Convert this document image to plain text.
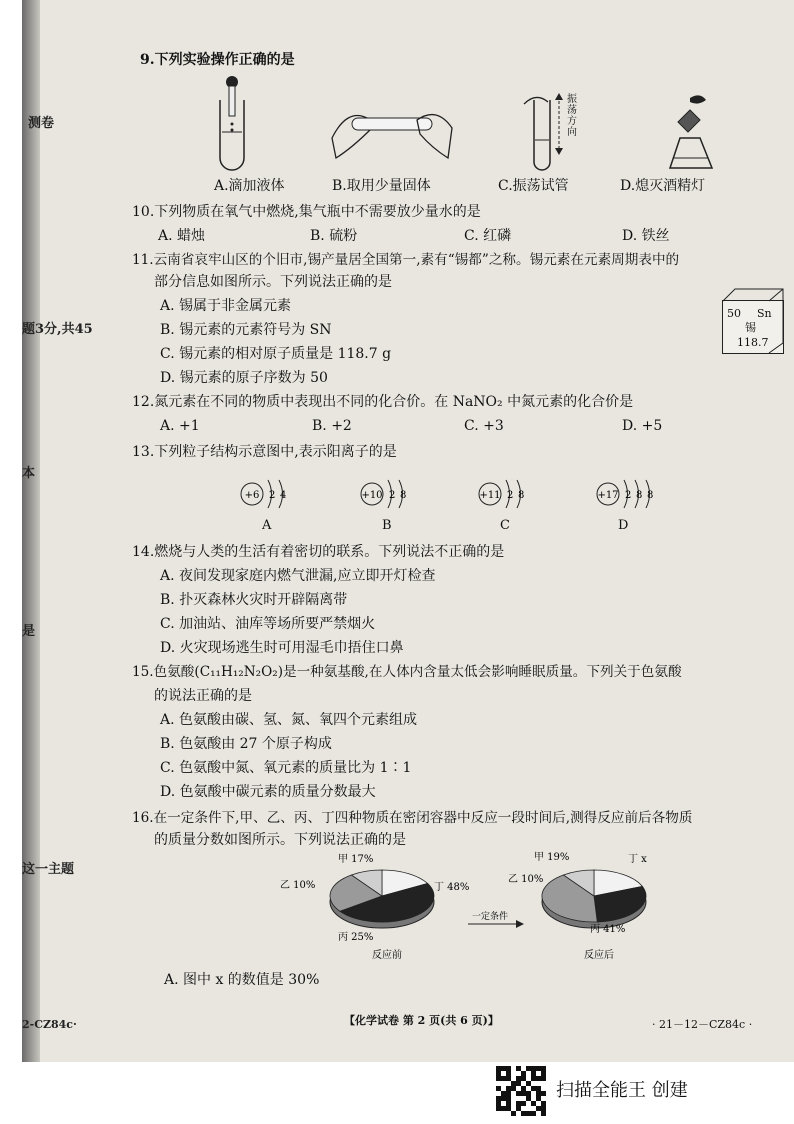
测卷
题3分,共45
本
是
这一主题
2-CZ84c·
9.下列实验操作正确的是
振荡方向
A.滴加液体	B.取用少量固体	C.振荡试管	D.熄灭酒精灯
10.下列物质在氧气中燃烧,集气瓶中不需要放少量水的是
A. 蜡烛	B. 硫粉	C. 红磷	D. 铁丝
11.云南省哀牢山区的个旧市,锡产量居全国第一,素有“锡都”之称。锡元素在元素周期表中的
部分信息如图所示。下列说法正确的是
A. 锡属于非金属元素
B. 锡元素的元素符号为 SN
C. 锡元素的相对原子质量是 118.7 g
D. 锡元素的原子序数为 50
50 Sn
锡
118.7
12.氮元素在不同的物质中表现出不同的化合价。在 NaNO₂ 中氮元素的化合价是
A. +1	B. +2	C. +3	D. +5
13.下列粒子结构示意图中,表示阳离子的是
+6 2 4
A
+10 2 8
B
+11 2 8
C
+17 2 8 8
D
14.燃烧与人类的生活有着密切的联系。下列说法不正确的是
A. 夜间发现家庭内燃气泄漏,应立即开灯检查
B. 扑灭森林火灾时开辟隔离带
C. 加油站、油库等场所要严禁烟火
D. 火灾现场逃生时可用湿毛巾捂住口鼻
15.色氨酸(C₁₁H₁₂N₂O₂)是一种氨基酸,在人体内含量太低会影响睡眠质量。下列关于色氨酸
的说法正确的是
A. 色氨酸由碳、氢、氮、氧四个元素组成
B. 色氨酸由 27 个原子构成
C. 色氨酸中氮、氧元素的质量比为 1∶1
D. 色氨酸中碳元素的质量分数最大
16.在一定条件下,甲、乙、丙、丁四种物质在密闭容器中反应一段时间后,测得反应前后各物质
的质量分数如图所示。下列说法正确的是
甲 17%
丁 48%
丙 25%
乙 10%
反应前
甲 19%	丁 x
丙 41%
乙 10%
反应后
一定条件
A. 图中 x 的数值是 30%
【化学试卷 第 2 页(共 6 页)】	· 21－12－CZ84c ·
扫描全能王 创建
